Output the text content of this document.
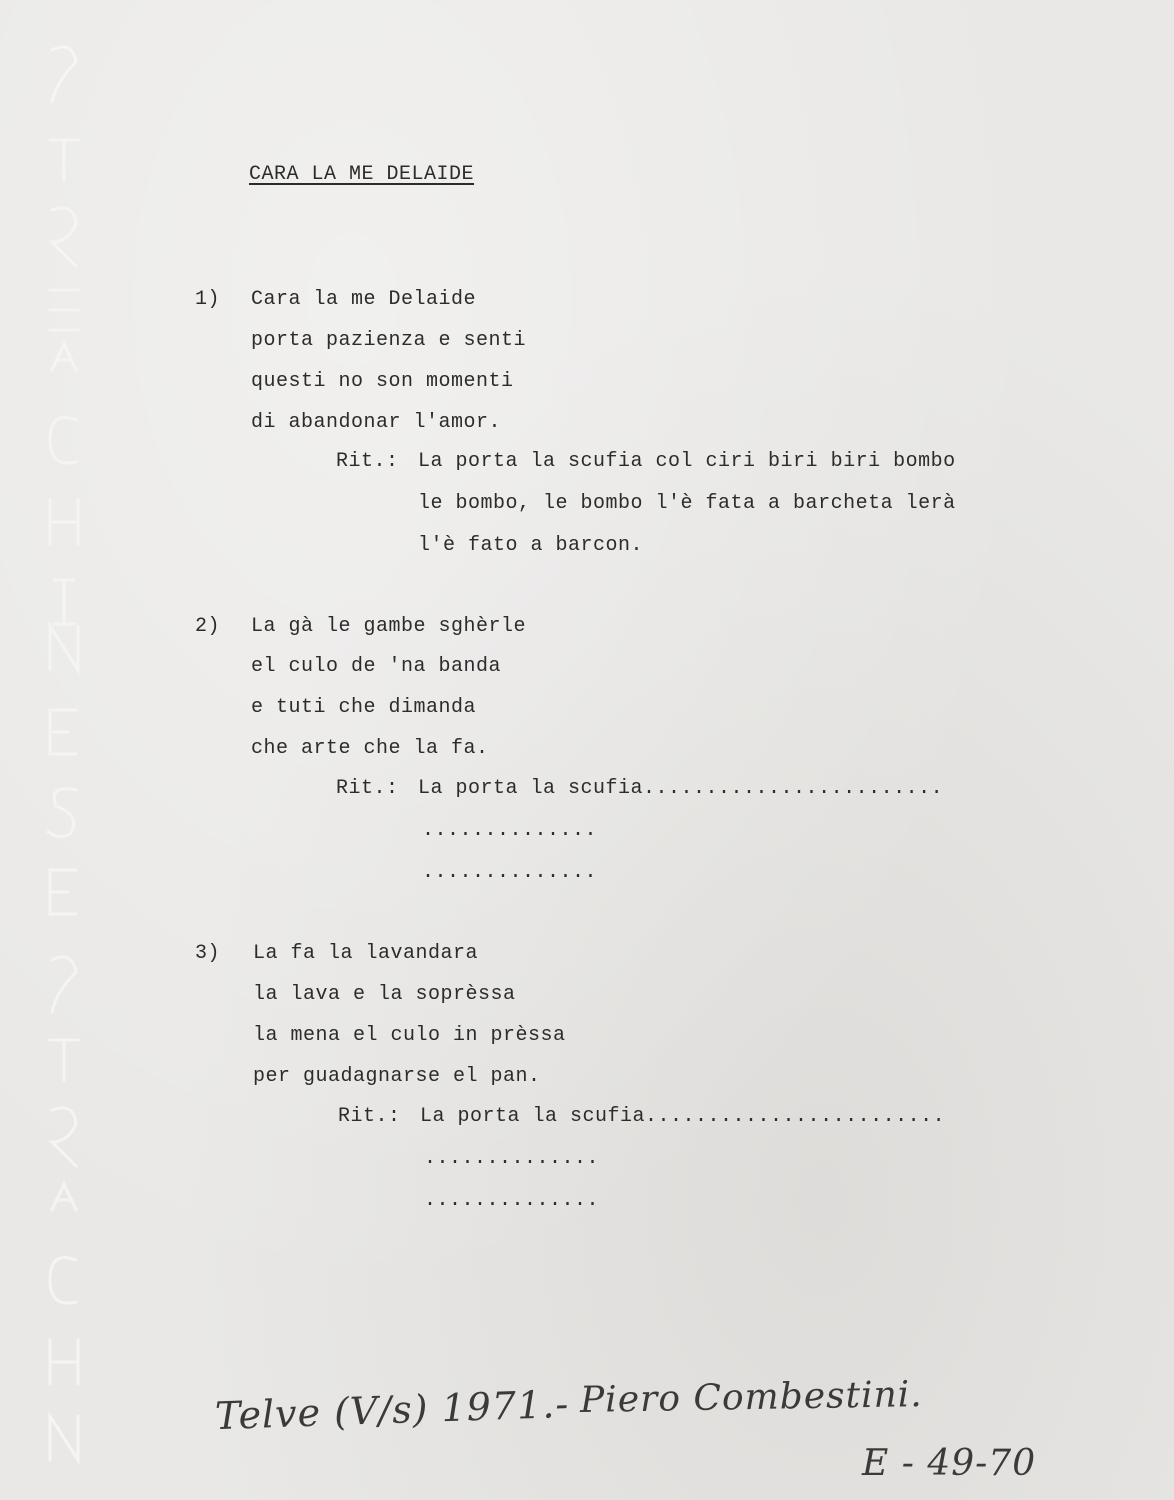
CARA LA ME DELAIDE

1) Cara la me Delaide

porta pazienza e senti

questi no son momenti

di abandonar l'amor.

Rit.: La porta la scufia col ciri biri biri bombo

le bombo, le bombo l'è fata a barcheta lerà

l'è fato a barcon.

2) La gà le gambe sghèrle

el culo de 'na banda

e tuti che dimanda

che arte che la fa.

Rit.: La porta la scufia........................

..............

..............

3) La fa la lavandara

la lava e la soprèssa

la mena el culo in prèssa

per guadagnarse el pan.

Rit.: La porta la scufia........................

..............

..............

Telve (V/s) 1971.- Piero Combestini.

E - 49-70
